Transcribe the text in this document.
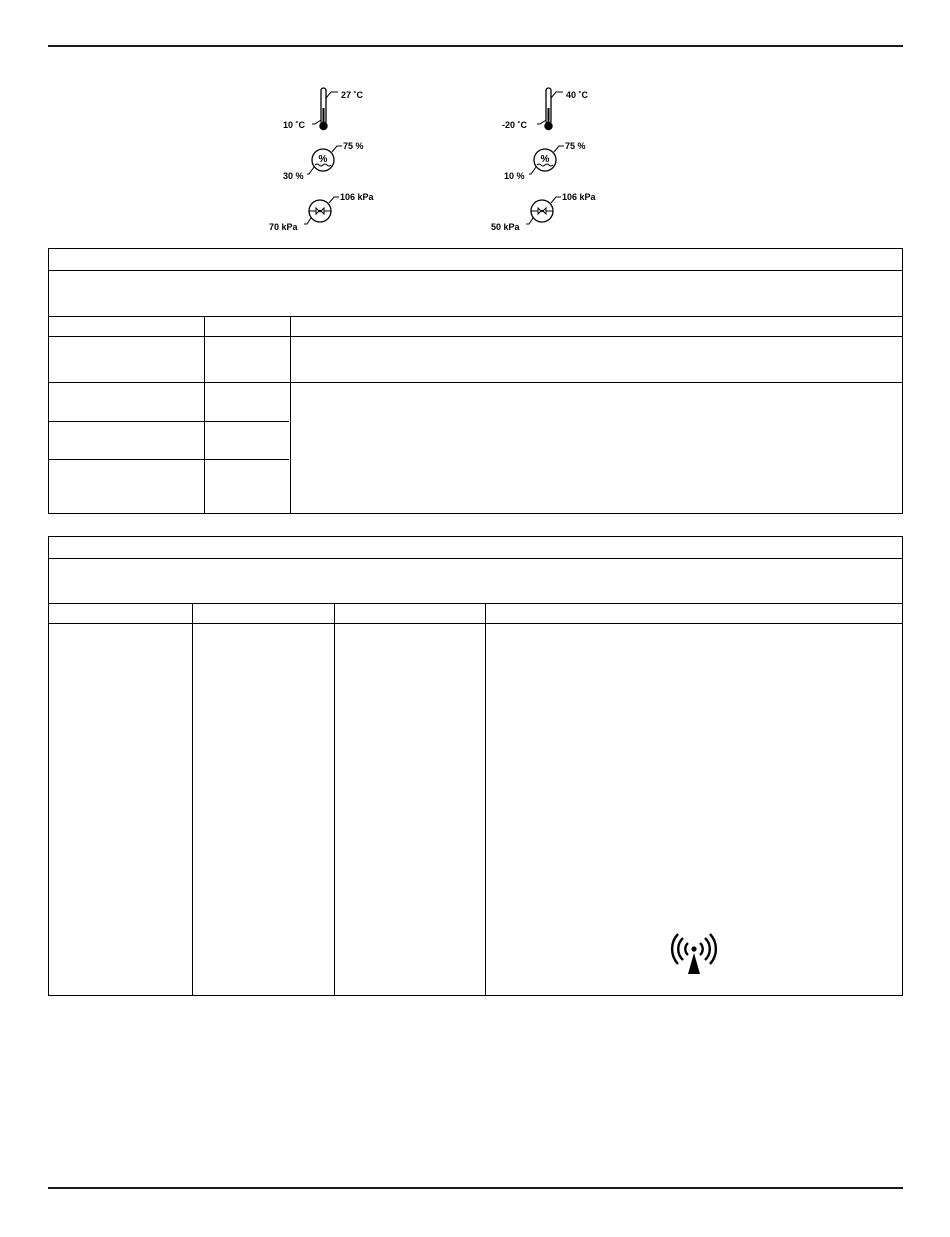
27 ˚C
10 ˚C
%
75 %
30 %
106 kPa
70 kPa
40 ˚C
-20 ˚C
%
75 %
10 %
106 kPa
50 kPa
